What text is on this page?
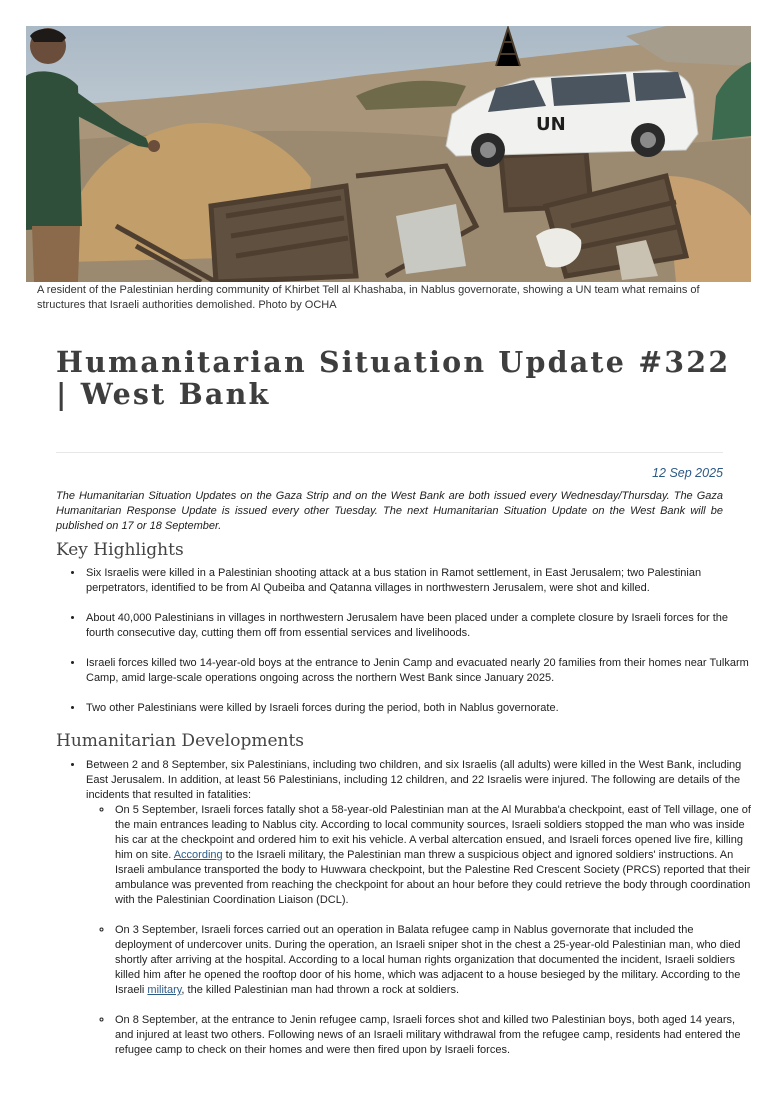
UN
A resident of the Palestinian herding community of Khirbet Tell al Khashaba, in Nablus governorate, showing a UN team what remains of structures that Israeli authorities demolished. Photo by OCHA
Humanitarian Situation Update #322 | West Bank
12 Sep 2025

The Humanitarian Situation Updates on the Gaza Strip and on the West Bank are both issued every Wednesday/Thursday. The Gaza Humanitarian Response Update is issued every other Tuesday. The next Humanitarian Situation Update on the West Bank will be published on 17 or 18 September.

Key Highlights
• Six Israelis were killed in a Palestinian shooting attack at a bus station in Ramot settlement, in East Jerusalem; two Palestinian perpetrators, identified to be from Al Qubeiba and Qatanna villages in northwestern Jerusalem, were shot and killed.
• About 40,000 Palestinians in villages in northwestern Jerusalem have been placed under a complete closure by Israeli forces for the fourth consecutive day, cutting them off from essential services and livelihoods.
• Israeli forces killed two 14-year-old boys at the entrance to Jenin Camp and evacuated nearly 20 families from their homes near Tulkarm Camp, amid large-scale operations ongoing across the northern West Bank since January 2025.
• Two other Palestinians were killed by Israeli forces during the period, both in Nablus governorate.
Humanitarian Developments
• Between 2 and 8 September, six Palestinians, including two children, and six Israelis (all adults) were killed in the West Bank, including East Jerusalem. In addition, at least 56 Palestinians, including 12 children, and 22 Israelis were injured. The following are details of the incidents that resulted in fatalities:
◦ On 5 September, Israeli forces fatally shot a 58-year-old Palestinian man at the Al Murabba'a checkpoint, east of Tell village, one of the main entrances leading to Nablus city. According to local community sources, Israeli soldiers stopped the man who was inside his car at the checkpoint and ordered him to exit his vehicle. A verbal altercation ensued, and Israeli forces opened live fire, killing him on site. According to the Israeli military, the Palestinian man threw a suspicious object and ignored soldiers' instructions. An Israeli ambulance transported the body to Huwwara checkpoint, but the Palestine Red Crescent Society (PRCS) reported that their ambulance was prevented from reaching the checkpoint for about an hour before they could retrieve the body through coordination with the Palestinian Coordination Liaison (DCL).
◦ On 3 September, Israeli forces carried out an operation in Balata refugee camp in Nablus governorate that included the deployment of undercover units. During the operation, an Israeli sniper shot in the chest a 25-year-old Palestinian man, who died shortly after arriving at the hospital. According to a local human rights organization that documented the incident, Israeli soldiers killed him after he opened the rooftop door of his home, which was adjacent to a house besieged by the military. According to the Israeli military, the killed Palestinian man had thrown a rock at soldiers.
◦ On 8 September, at the entrance to Jenin refugee camp, Israeli forces shot and killed two Palestinian boys, both aged 14 years, and injured at least two others. Following news of an Israeli military withdrawal from the refugee camp, residents had entered the refugee camp to check on their homes and were then fired upon by Israeli forces.
